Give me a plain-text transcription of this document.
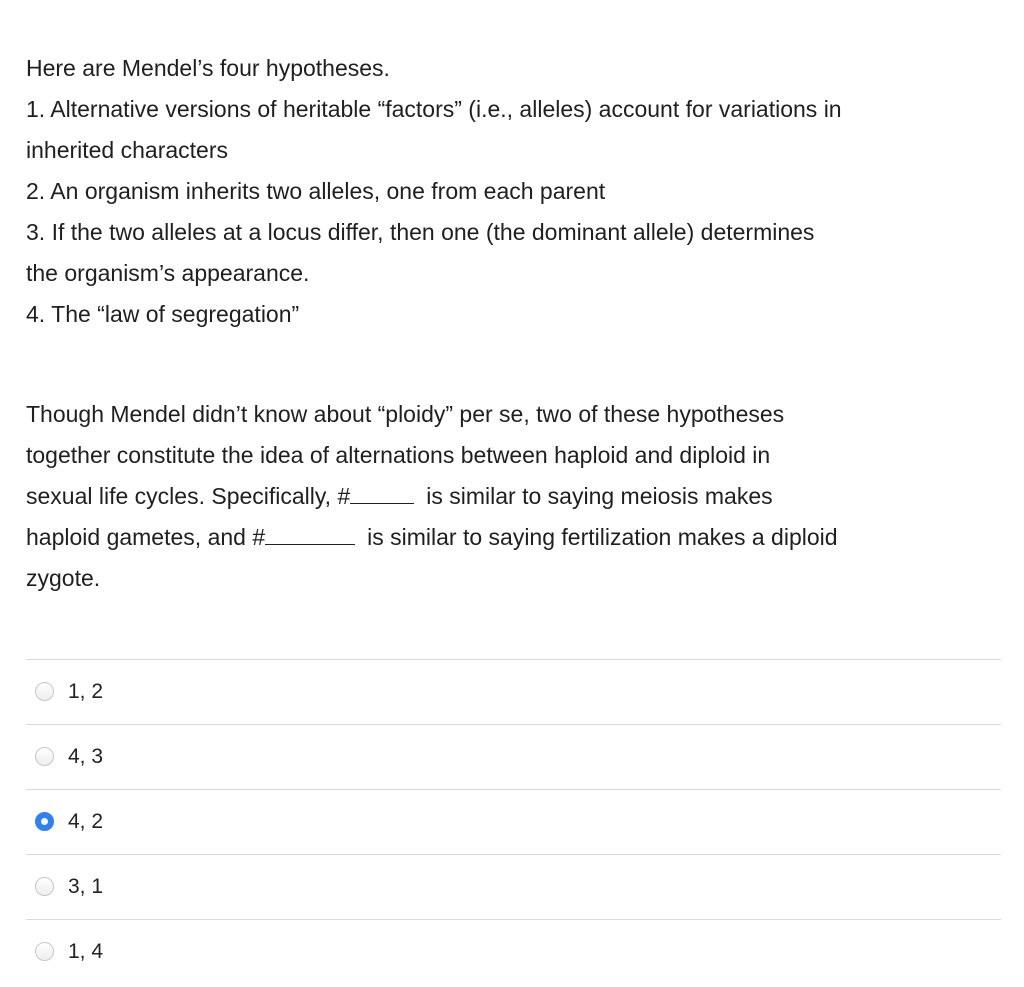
Here are Mendel’s four hypotheses.
1. Alternative versions of heritable “factors” (i.e., alleles) account for variations in
inherited characters
2. An organism inherits two alleles, one from each parent
3. If the two alleles at a locus differ, then one (the dominant allele) determines
the organism’s appearance.
4. The “law of segregation”
Though Mendel didn’t know about “ploidy” per se, two of these hypotheses
together constitute the idea of alternations between haploid and diploid in
sexual life cycles. Specifically, #	is similar to saying meiosis makes
haploid gametes, and #	is similar to saying fertilization makes a diploid
zygote.
1, 2
4, 3
4, 2
3, 1
1, 4
